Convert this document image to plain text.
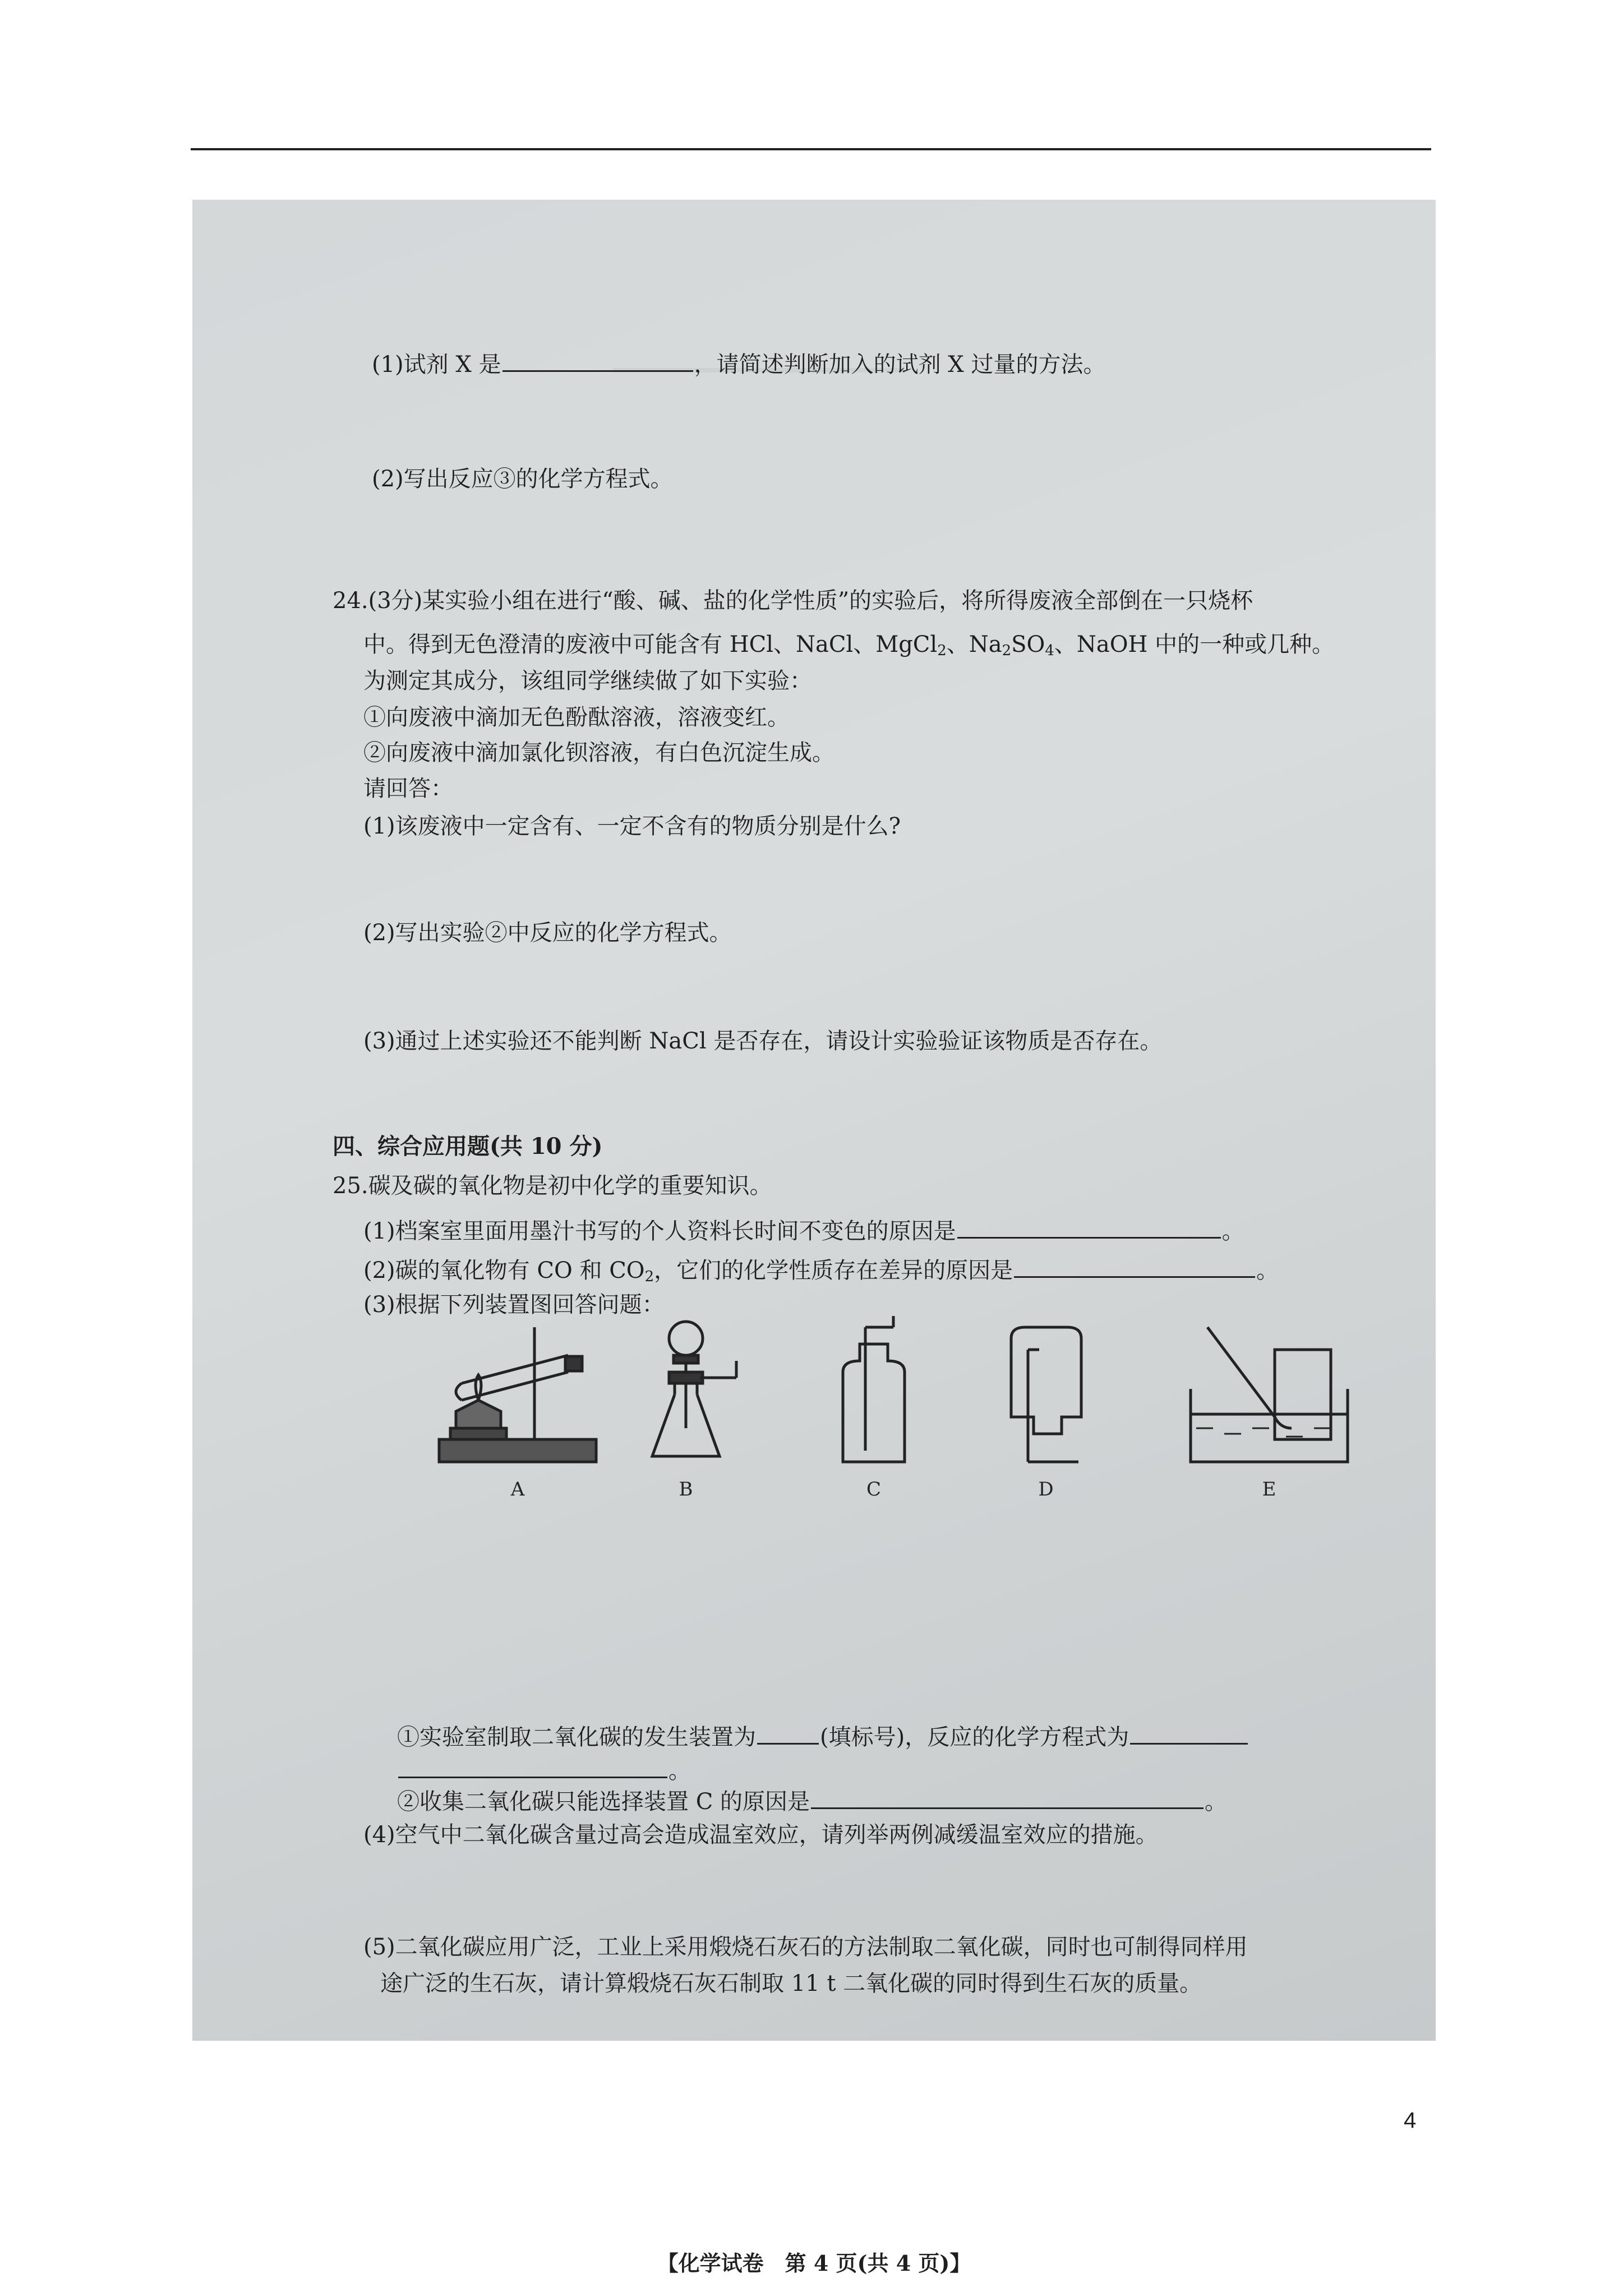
(1)试剂 X 是	，请简述判断加入的试剂 X 过量的方法。
(2)写出反应③的化学方程式。
24.(3分)某实验小组在进行“酸、碱、盐的化学性质”的实验后，将所得废液全部倒在一只烧杯
中。得到无色澄清的废液中可能含有 HCl、NaCl、MgCl$_2$、$Na_2SO_4$、NaOH 中的一种或几种。
为测定其成分，该组同学继续做了如下实验：
①向废液中滴加无色酚酞溶液，溶液变红。
②向废液中滴加氯化钡溶液，有白色沉淀生成。
请回答：
(1)该废液中一定含有、一定不含有的物质分别是什么?
(2)写出实验②中反应的化学方程式。
(3)通过上述实验还不能判断 NaCl 是否存在，请设计实验验证该物质是否存在。
四、综合应用题(共 10 分)
25.碳及碳的氧化物是初中化学的重要知识。
(1)档案室里面用墨汁书写的个人资料长时间不变色的原因是	。
(2)碳的氧化物有 CO 和 $CO_2$，它们的化学性质存在差异的原因是	。
(3)根据下列装置图回答问题：
A	B	C	D	E
①实验室制取二氧化碳的发生装置为	(填标号)，反应的化学方程式为
。
②收集二氧化碳只能选择装置 C 的原因是	。
(4)空气中二氧化碳含量过高会造成温室效应，请列举两例减缓温室效应的措施。
(5)二氧化碳应用广泛，工业上采用煅烧石灰石的方法制取二氧化碳，同时也可制得同样用
途广泛的生石灰，请计算煅烧石灰石制取 11 t 二氧化碳的同时得到生石灰的质量。
【化学试卷　第 4 页(共 4 页)】
4
